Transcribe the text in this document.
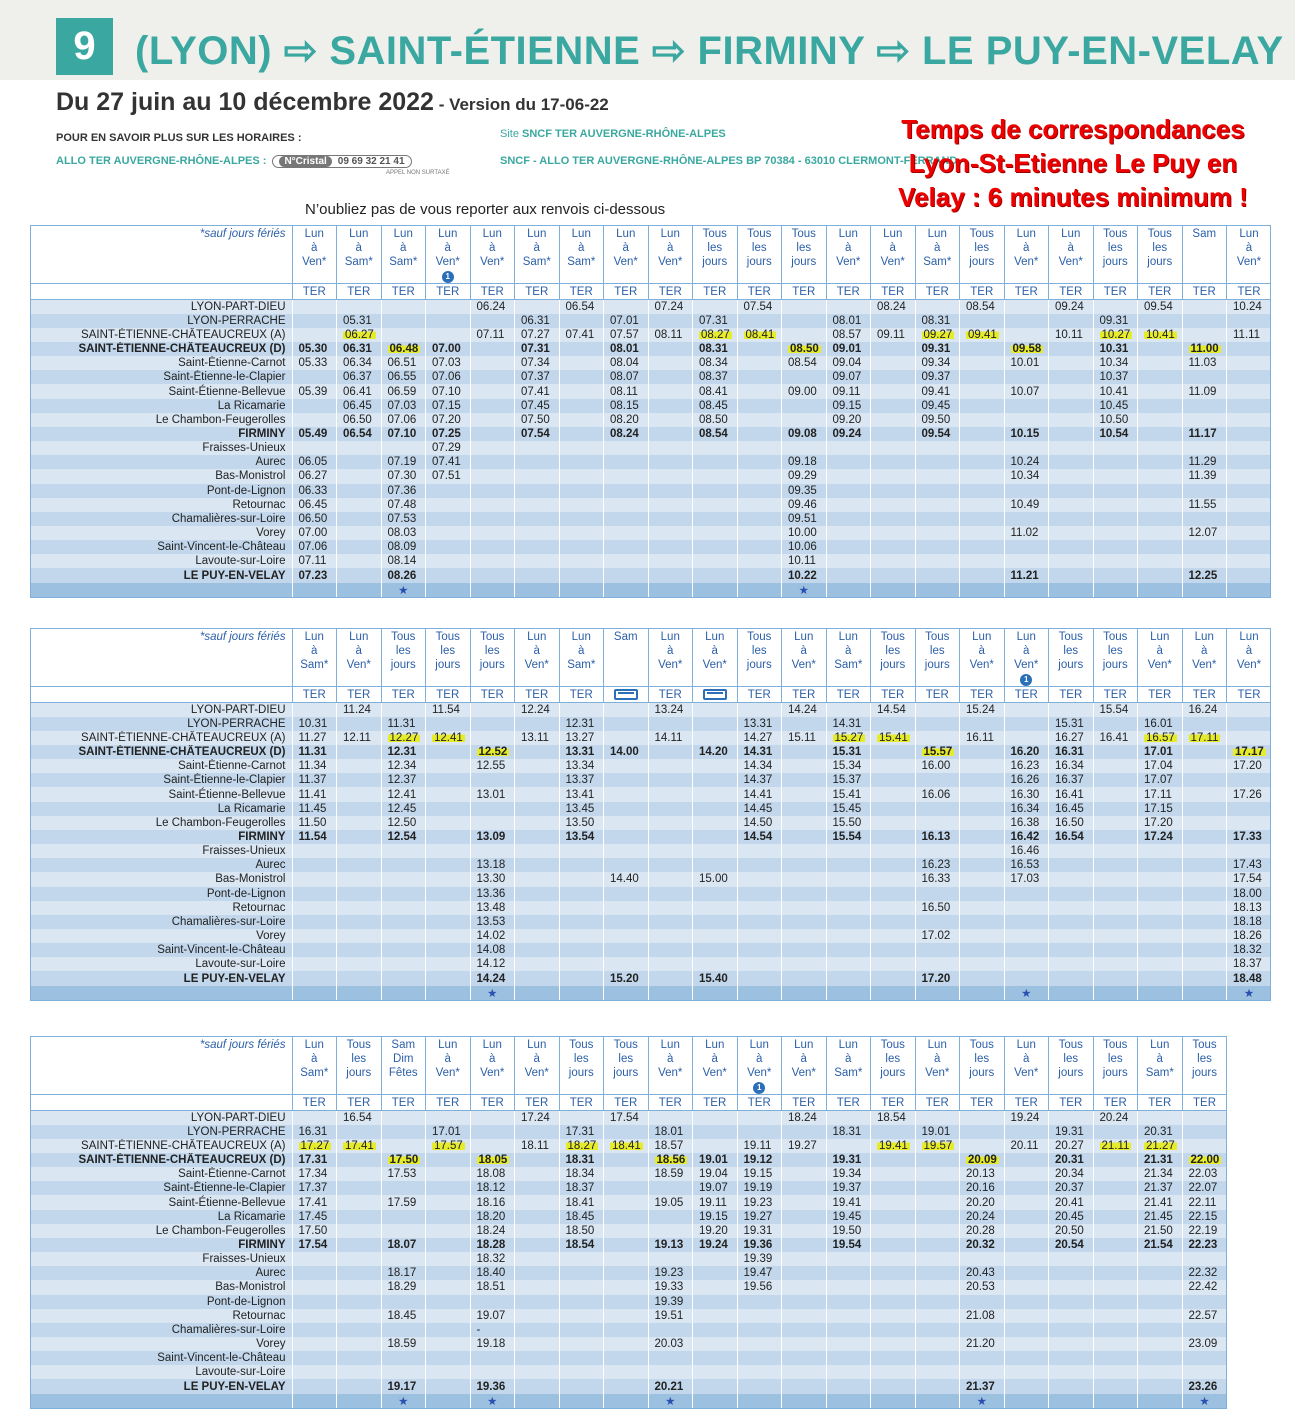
9 (LYON) ⇨ SAINT-ÉTIENNE ⇨ FIRMINY ⇨ LE PUY-EN-VELAY
Du 27 juin au 10 décembre 2022 - Version du 17-06-22
POUR EN SAVOIR PLUS SUR LES HORAIRES :
ALLO TER AUVERGNE-RHÔNE-ALPES : N°Cristal 09 69 32 21 41
APPEL NON SURTAXÉ
Site SNCF TER AUVERGNE-RHÔNE-ALPES
SNCF - ALLO TER AUVERGNE-RHÔNE-ALPES BP 70384 - 63010 CLERMONT-FERRAND
Temps de correspondances
Lyon-St-Etienne Le Puy en
Velay : 6 minutes minimum !
N’oubliez pas de vous reporter aux renvois ci-dessous
*sauf jours fériés	Lun
à
Ven*	Lun
à
Sam*	Lun
à
Sam*	Lun
à
Ven*	Lun
à
Ven*	Lun
à
Sam*	Lun
à
Sam*	Lun
à
Ven*	Lun
à
Ven*	Tous
les
jours	Tous
les
jours	Tous
les
jours	Lun
à
Ven*	Lun
à
Ven*	Lun
à
Sam*	Tous
les
jours	Lun
à
Ven*	Lun
à
Ven*	Tous
les
jours	Tous
les
jours	Sam	Lun
à
Ven*
				1																		
	TER	TER	TER	TER	TER	TER	TER	TER	TER	TER	TER	TER	TER	TER	TER	TER	TER	TER	TER	TER	TER	TER
LYON-PART-DIEU					06.24		06.54		07.24		07.54			08.24		08.54		09.24		09.54		10.24
LYON-PERRACHE		05.31				06.31		07.01		07.31			08.01		08.31				09.31			
SAINT-ÉTIENNE-CHÂTEAUCREUX (A)		06.27			07.11	07.27	07.41	07.57	08.11	08.27	08.41		08.57	09.11	09.27	09.41		10.11	10.27	10.41		11.11
SAINT-ÉTIENNE-CHÂTEAUCREUX (D)	05.30	06.31	06.48	07.00		07.31		08.01		08.31		08.50	09.01		09.31		09.58		10.31		11.00	
Saint-Étienne-Carnot	05.33	06.34	06.51	07.03		07.34		08.04		08.34		08.54	09.04		09.34		10.01		10.34		11.03	
Saint-Étienne-le-Clapier		06.37	06.55	07.06		07.37		08.07		08.37			09.07		09.37				10.37			
Saint-Étienne-Bellevue	05.39	06.41	06.59	07.10		07.41		08.11		08.41		09.00	09.11		09.41		10.07		10.41		11.09	
La Ricamarie		06.45	07.03	07.15		07.45		08.15		08.45			09.15		09.45				10.45			
Le Chambon-Feugerolles		06.50	07.06	07.20		07.50		08.20		08.50			09.20		09.50				10.50			
FIRMINY	05.49	06.54	07.10	07.25		07.54		08.24		08.54		09.08	09.24		09.54		10.15		10.54		11.17	
Fraisses-Unieux				07.29																		
Aurec	06.05		07.19	07.41								09.18					10.24				11.29	
Bas-Monistrol	06.27		07.30	07.51								09.29					10.34				11.39	
Pont-de-Lignon	06.33		07.36									09.35										
Retournac	06.45		07.48									09.46					10.49				11.55	
Chamalières-sur-Loire	06.50		07.53									09.51										
Vorey	07.00		08.03									10.00					11.02				12.07	
Saint-Vincent-le-Château	07.06		08.09									10.06										
Lavoute-sur-Loire	07.11		08.14									10.11										
LE PUY-EN-VELAY	07.23		08.26									10.22					11.21				12.25	
			★									★										
*sauf jours fériés	Lun
à
Sam*	Lun
à
Ven*	Tous
les
jours	Tous
les
jours	Tous
les
jours	Lun
à
Ven*	Lun
à
Sam*	Sam	Lun
à
Ven*	Lun
à
Ven*	Tous
les
jours	Lun
à
Ven*	Lun
à
Sam*	Tous
les
jours	Tous
les
jours	Lun
à
Ven*	Lun
à
Ven*	Tous
les
jours	Tous
les
jours	Lun
à
Ven*	Lun
à
Ven*	Lun
à
Ven*
																	1					
	TER	TER	TER	TER	TER	TER	TER		TER		TER	TER	TER	TER	TER	TER	TER	TER	TER	TER	TER	TER
LYON-PART-DIEU		11.24		11.54		12.24			13.24			14.24		14.54		15.24			15.54		16.24	
LYON-PERRACHE	10.31		11.31				12.31				13.31		14.31					15.31		16.01		
SAINT-ÉTIENNE-CHÂTEAUCREUX (A)	11.27	12.11	12.27	12.41		13.11	13.27		14.11		14.27	15.11	15.27	15.41		16.11		16.27	16.41	16.57	17.11	
SAINT-ÉTIENNE-CHÂTEAUCREUX (D)	11.31		12.31		12.52		13.31	14.00		14.20	14.31		15.31		15.57		16.20	16.31		17.01		17.17
Saint-Étienne-Carnot	11.34		12.34		12.55		13.34				14.34		15.34		16.00		16.23	16.34		17.04		17.20
Saint-Étienne-le-Clapier	11.37		12.37				13.37				14.37		15.37				16.26	16.37		17.07		
Saint-Étienne-Bellevue	11.41		12.41		13.01		13.41				14.41		15.41		16.06		16.30	16.41		17.11		17.26
La Ricamarie	11.45		12.45				13.45				14.45		15.45				16.34	16.45		17.15		
Le Chambon-Feugerolles	11.50		12.50				13.50				14.50		15.50				16.38	16.50		17.20		
FIRMINY	11.54		12.54		13.09		13.54				14.54		15.54		16.13		16.42	16.54		17.24		17.33
Fraisses-Unieux																	16.46					
Aurec					13.18										16.23		16.53					17.43
Bas-Monistrol					13.30			14.40		15.00					16.33		17.03					17.54
Pont-de-Lignon					13.36																	18.00
Retournac					13.48										16.50							18.13
Chamalières-sur-Loire					13.53																	18.18
Vorey					14.02										17.02							18.26
Saint-Vincent-le-Château					14.08																	18.32
Lavoute-sur-Loire					14.12																	18.37
LE PUY-EN-VELAY					14.24			15.20		15.40					17.20							18.48
					★												★					★
*sauf jours fériés	Lun
à
Sam*	Tous
les
jours	Sam
Dim
Fêtes	Lun
à
Ven*	Lun
à
Ven*	Lun
à
Ven*	Tous
les
jours	Tous
les
jours	Lun
à
Ven*	Lun
à
Ven*	Lun
à
Ven*	Lun
à
Ven*	Lun
à
Sam*	Tous
les
jours	Lun
à
Ven*	Tous
les
jours	Lun
à
Ven*	Tous
les
jours	Tous
les
jours	Lun
à
Sam*	Tous
les
jours
											1										
	TER	TER	TER	TER	TER	TER	TER	TER	TER	TER	TER	TER	TER	TER	TER	TER	TER	TER	TER	TER	TER
LYON-PART-DIEU		16.54				17.24		17.54				18.24		18.54			19.24		20.24		
LYON-PERRACHE	16.31			17.01			17.31		18.01				18.31		19.01			19.31		20.31	
SAINT-ÉTIENNE-CHÂTEAUCREUX (A)	17.27	17.41		17.57		18.11	18.27	18.41	18.57		19.11	19.27		19.41	19.57		20.11	20.27	21.11	21.27	
SAINT-ÉTIENNE-CHÂTEAUCREUX (D)	17.31		17.50		18.05		18.31		18.56	19.01	19.12		19.31			20.09		20.31		21.31	22.00
Saint-Étienne-Carnot	17.34		17.53		18.08		18.34		18.59	19.04	19.15		19.34			20.13		20.34		21.34	22.03
Saint-Étienne-le-Clapier	17.37				18.12		18.37			19.07	19.19		19.37			20.16		20.37		21.37	22.07
Saint-Étienne-Bellevue	17.41		17.59		18.16		18.41		19.05	19.11	19.23		19.41			20.20		20.41		21.41	22.11
La Ricamarie	17.45				18.20		18.45			19.15	19.27		19.45			20.24		20.45		21.45	22.15
Le Chambon-Feugerolles	17.50				18.24		18.50			19.20	19.31		19.50			20.28		20.50		21.50	22.19
FIRMINY	17.54		18.07		18.28		18.54		19.13	19.24	19.36		19.54			20.32		20.54		21.54	22.23
Fraisses-Unieux					18.32						19.39										
Aurec			18.17		18.40				19.23		19.47					20.43					22.32
Bas-Monistrol			18.29		18.51				19.33		19.56					20.53					22.42
Pont-de-Lignon									19.39												
Retournac			18.45		19.07				19.51							21.08					22.57
Chamalières-sur-Loire					-																
Vorey			18.59		19.18				20.03							21.20					23.09
Saint-Vincent-le-Château																					
Lavoute-sur-Loire																					
LE PUY-EN-VELAY			19.17		19.36				20.21							21.37					23.26
			★		★				★							★					★
